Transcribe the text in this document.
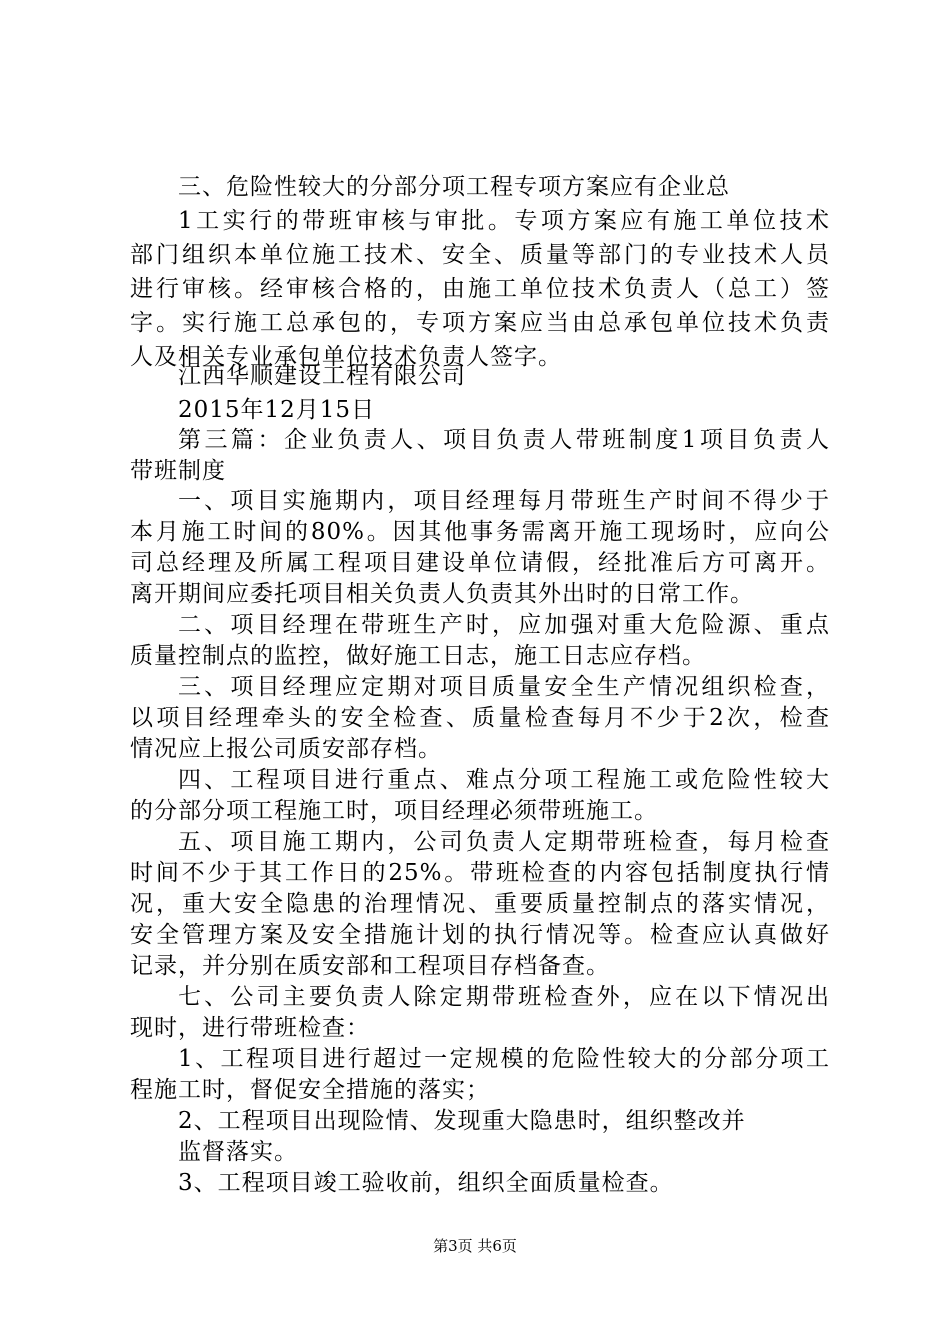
三、危险性较大的分部分项工程专项方案应有企业总
1工实行的带班审核与审批。专项方案应有施工单位技术
部门组织本单位施工技术、安全、质量等部门的专业技术人员
进行审核。经审核合格的，由施工单位技术负责人（总工）签
字。实行施工总承包的，专项方案应当由总承包单位技术负责
人及相关专业承包单位技术负责人签字。
江西华顺建设工程有限公司
2015年12月15日
第三篇：企业负责人、项目负责人带班制度1项目负责人
带班制度
一、项目实施期内，项目经理每月带班生产时间不得少于
本月施工时间的80%。因其他事务需离开施工现场时，应向公
司总经理及所属工程项目建设单位请假，经批准后方可离开。
离开期间应委托项目相关负责人负责其外出时的日常工作。
二、项目经理在带班生产时，应加强对重大危险源、重点
质量控制点的监控，做好施工日志，施工日志应存档。
三、项目经理应定期对项目质量安全生产情况组织检查，
以项目经理牵头的安全检查、质量检查每月不少于2次，检查
情况应上报公司质安部存档。
四、工程项目进行重点、难点分项工程施工或危险性较大
的分部分项工程施工时，项目经理必须带班施工。
五、项目施工期内，公司负责人定期带班检查，每月检查
时间不少于其工作日的25%。带班检查的内容包括制度执行情
况，重大安全隐患的治理情况、重要质量控制点的落实情况，
安全管理方案及安全措施计划的执行情况等。检查应认真做好
记录，并分别在质安部和工程项目存档备查。
七、公司主要负责人除定期带班检查外，应在以下情况出
现时，进行带班检查：
1、工程项目进行超过一定规模的危险性较大的分部分项工
程施工时，督促安全措施的落实；
2、工程项目出现险情、发现重大隐患时，组织整改并
监督落实。
3、工程项目竣工验收前，组织全面质量检查。
第3页 共6页
